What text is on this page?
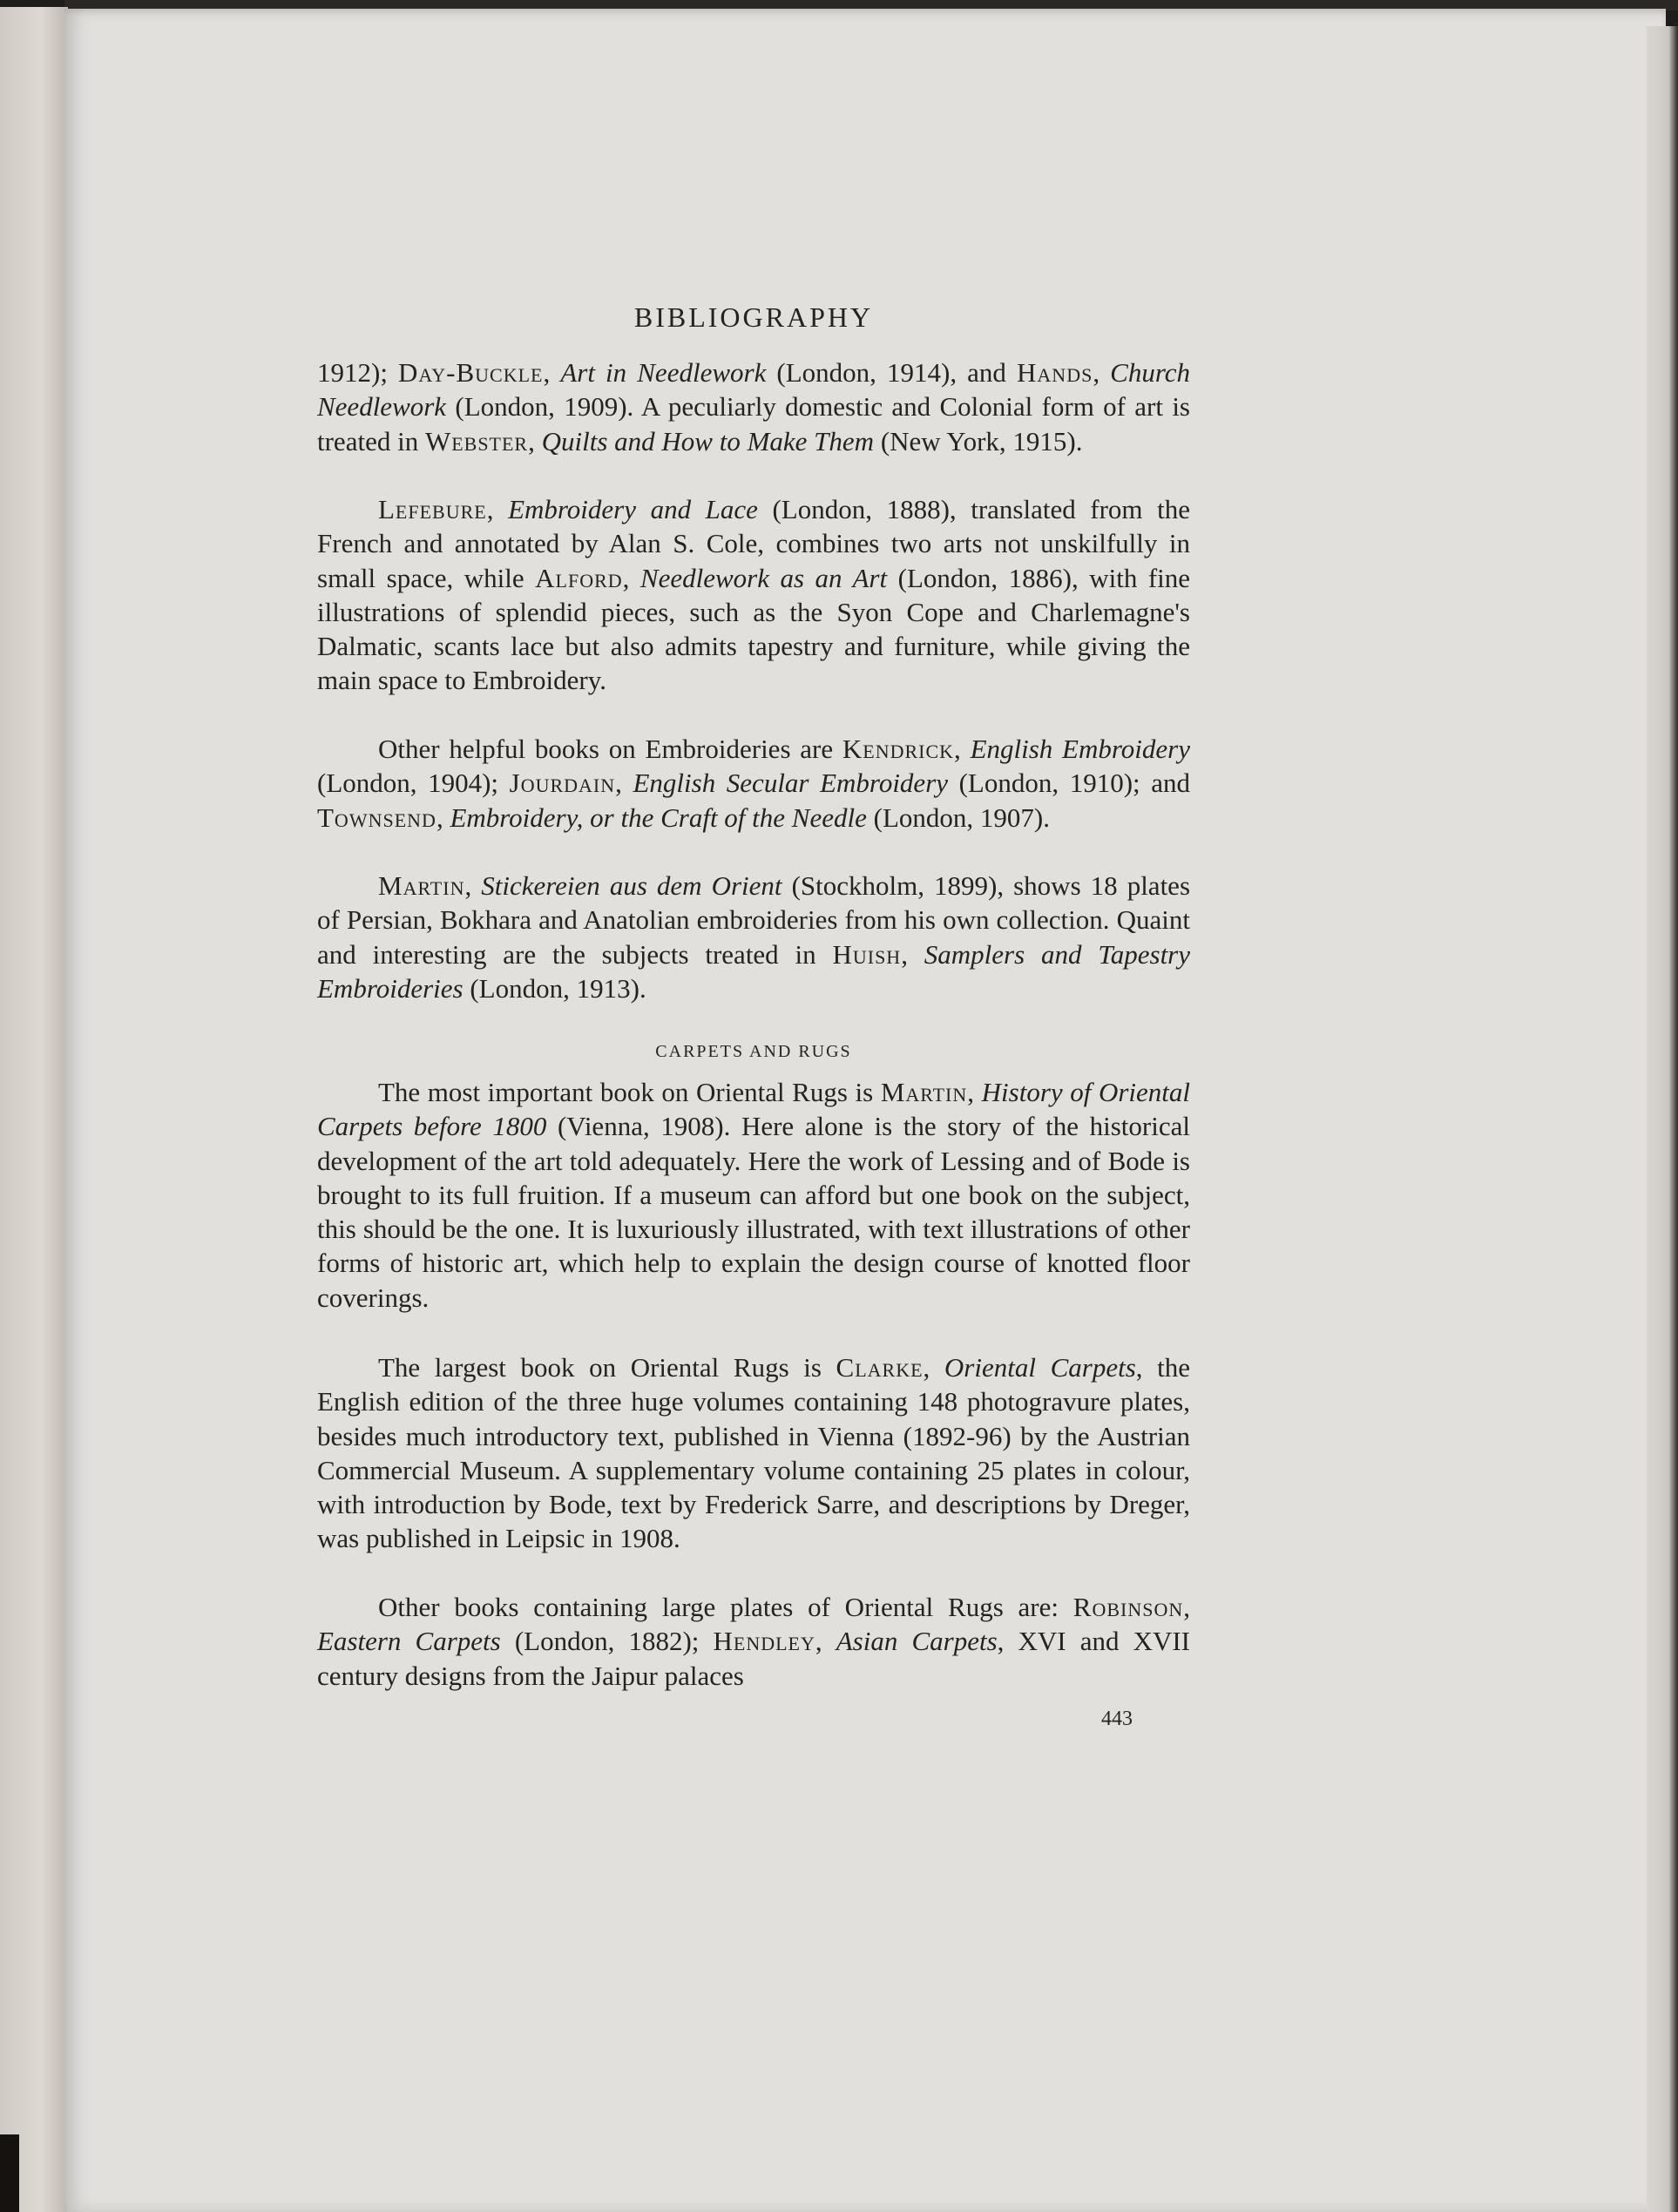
BIBLIOGRAPHY

1912); Day-Buckle, Art in Needlework (London, 1914), and Hands, Church Needlework (London, 1909). A peculiarly domestic and Colonial form of art is treated in Webster, Quilts and How to Make Them (New York, 1915).

Lefebure, Embroidery and Lace (London, 1888), translated from the French and annotated by Alan S. Cole, combines two arts not unskilfully in small space, while Alford, Needlework as an Art (London, 1886), with fine illustrations of splendid pieces, such as the Syon Cope and Charlemagne's Dalmatic, scants lace but also admits tapestry and furniture, while giving the main space to Embroidery.

Other helpful books on Embroideries are Kendrick, English Embroidery (London, 1904); Jourdain, English Secular Embroidery (London, 1910); and Townsend, Embroidery, or the Craft of the Needle (London, 1907).

Martin, Stickereien aus dem Orient (Stockholm, 1899), shows 18 plates of Persian, Bokhara and Anatolian embroideries from his own collection. Quaint and interesting are the subjects treated in Huish, Samplers and Tapestry Embroideries (London, 1913).

CARPETS AND RUGS

The most important book on Oriental Rugs is Martin, History of Oriental Carpets before 1800 (Vienna, 1908). Here alone is the story of the historical development of the art told adequately. Here the work of Lessing and of Bode is brought to its full fruition. If a museum can afford but one book on the subject, this should be the one. It is luxuriously illustrated, with text illustrations of other forms of historic art, which help to explain the design course of knotted floor coverings.

The largest book on Oriental Rugs is Clarke, Oriental Carpets, the English edition of the three huge volumes containing 148 photogravure plates, besides much introductory text, published in Vienna (1892-96) by the Austrian Commercial Museum. A supplementary volume containing 25 plates in colour, with introduction by Bode, text by Frederick Sarre, and descriptions by Dreger, was published in Leipsic in 1908.

Other books containing large plates of Oriental Rugs are: Robinson, Eastern Carpets (London, 1882); Hendley, Asian Carpets, XVI and XVII century designs from the Jaipur palaces

443
